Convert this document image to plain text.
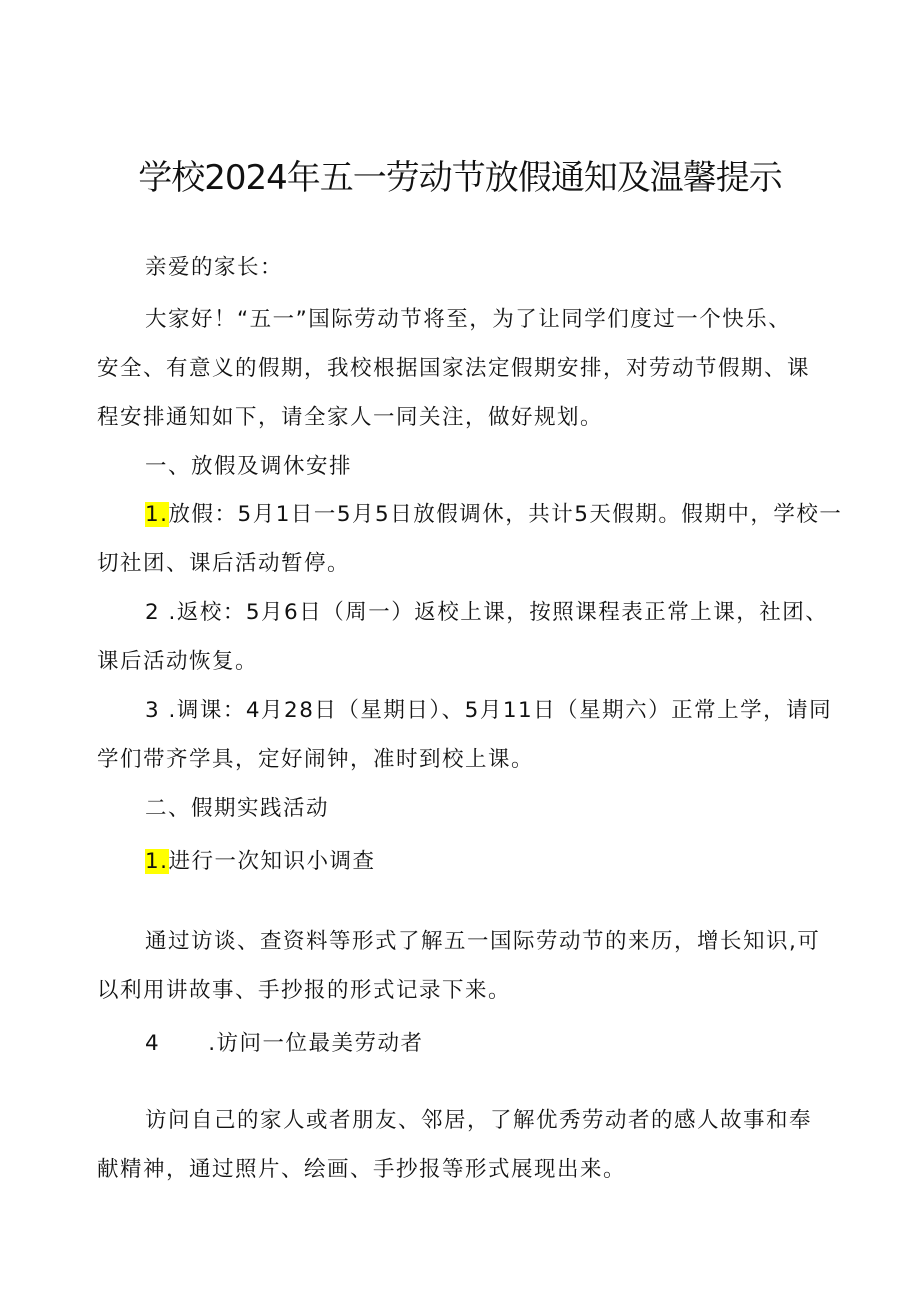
学校2024年五一劳动节放假通知及温馨提示
亲爱的家长：
大家好！“五一”国际劳动节将至，为了让同学们度过一个快乐、
安全、有意义的假期，我校根据国家法定假期安排，对劳动节假期、课
程安排通知如下，请全家人一同关注，做好规划。
一、放假及调休安排
1.放假：5月1日一5月5日放假调休，共计5天假期。假期中，学校一
切社团、课后活动暂停。
2 .返校：5月6日（周一）返校上课，按照课程表正常上课，社团、
课后活动恢复。
3 .调课：4月28日（星期日）、5月11日（星期六）正常上学，请同
学们带齐学具，定好闹钟，准时到校上课。
二、假期实践活动
1.进行一次知识小调查
通过访谈、查资料等形式了解五一国际劳动节的来历，增长知识,可
以利用讲故事、手抄报的形式记录下来。
4 .访问一位最美劳动者
访问自己的家人或者朋友、邻居，了解优秀劳动者的感人故事和奉
献精神，通过照片、绘画、手抄报等形式展现出来。
